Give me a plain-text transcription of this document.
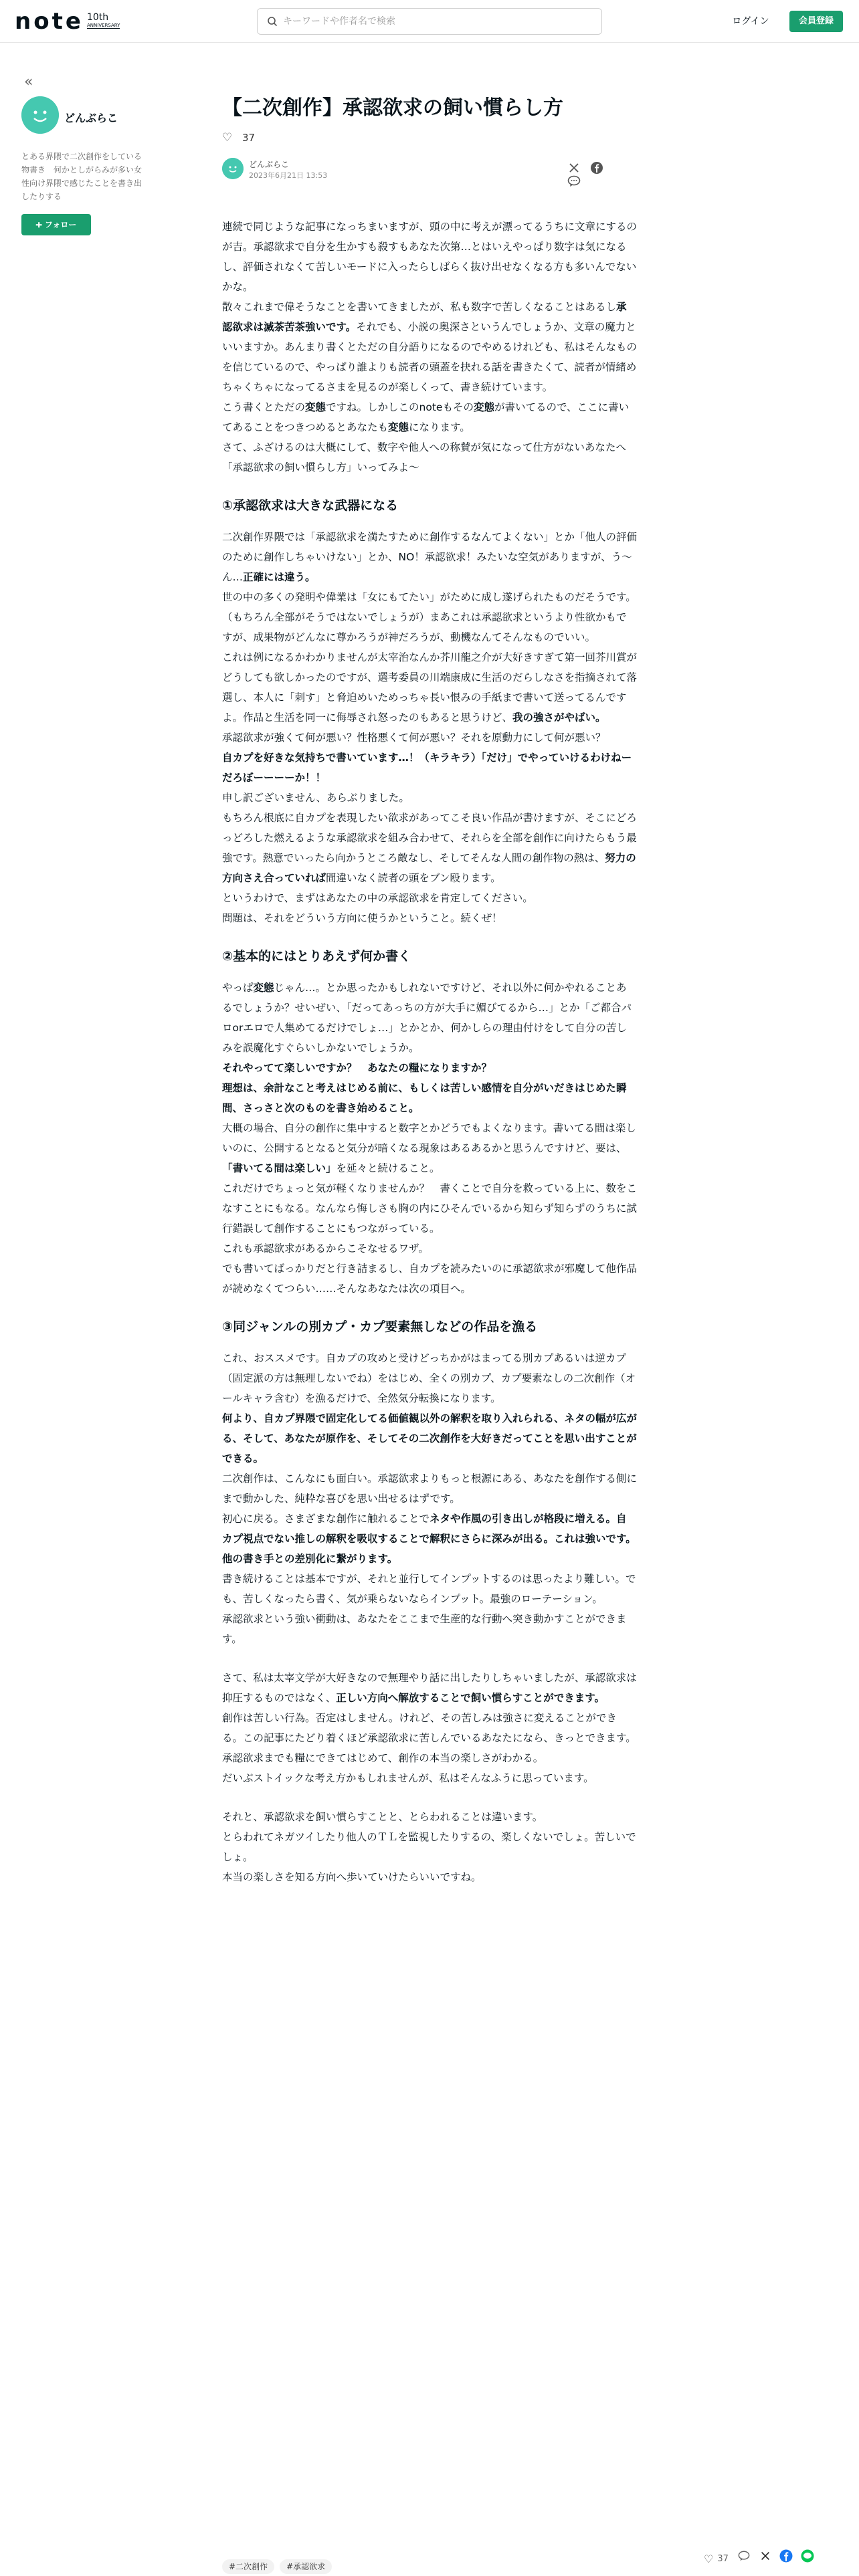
note 10th
ANNIVERSARY
キーワードや作者名で検索	ログイン	会員登録
«
どんぶらこ
とある界隈で二次創作をしている物書き　何かとしがらみが多い女性向け界隈で感じたことを書き出したりする
➕︎ フォロー
【二次創作】承認欲求の飼い慣らし方
♡ 37
どんぶらこ
2023年6月21日 13:53

連続で同じような記事になっちまいますが、頭の中に考えが漂ってるうちに文章にするのが吉。承認欲求で自分を生かすも殺すもあなた次第…とはいえやっぱり数字は気になるし、評価されなくて苦しいモードに入ったらしばらく抜け出せなくなる方も多いんでないかな。

散々これまで偉そうなことを書いてきましたが、私も数字で苦しくなることはあるし承認欲求は滅茶苦茶強いです。それでも、小説の奥深さというんでしょうか、文章の魔力といいますか。あんまり書くとただの自分語りになるのでやめるけれども、私はそんなものを信じているので、やっぱり誰よりも読者の頭蓋を抉れる話を書きたくて、読者が情緒めちゃくちゃになってるさまを見るのが楽しくって、書き続けています。

こう書くとただの変態ですね。しかしこのnoteもその変態が書いてるので、ここに書いてあることをつきつめるとあなたも変態になります。

さて、ふざけるのは大概にして、数字や他人への称賛が気になって仕方がないあなたへ「承認欲求の飼い慣らし方」いってみよ〜

①承認欲求は大きな武器になる

二次創作界隈では「承認欲求を満たすために創作するなんてよくない」とか「他人の評価のために創作しちゃいけない」とか、NO！承認欲求！みたいな空気がありますが、う〜ん…正確には違う。

世の中の多くの発明や偉業は「女にもてたい」がために成し遂げられたものだそうです。（もちろん全部がそうではないでしょうが）まあこれは承認欲求というより性欲かもですが、成果物がどんなに尊かろうが神だろうが、動機なんてそんなものでいい。

これは例になるかわかりませんが太宰治なんか芥川龍之介が大好きすぎて第一回芥川賞がどうしても欲しかったのですが、選考委員の川端康成に生活のだらしなさを指摘されて落選し、本人に「刺す」と脅迫めいためっちゃ長い恨みの手紙まで書いて送ってるんですよ。作品と生活を同一に侮辱され怒ったのもあると思うけど、我の強さがやばい。

承認欲求が強くて何が悪い？性格悪くて何が悪い？それを原動力にして何が悪い？

自カプを好きな気持ちで書いています…！（キラキラ）「だけ」でやっていけるわけねーだろぼーーーーか！！

申し訳ございません、あらぶりました。

もちろん根底に自カプを表現したい欲求があってこそ良い作品が書けますが、そこにどろっどろした燃えるような承認欲求を組み合わせて、それらを全部を創作に向けたらもう最強です。熱意でいったら向かうところ敵なし、そしてそんな人間の創作物の熱は、努力の方向さえ合っていれば間違いなく読者の頭をブン殴ります。

というわけで、まずはあなたの中の承認欲求を肯定してください。

問題は、それをどういう方向に使うかということ。続くぜ！

②基本的にはとりあえず何か書く

やっぱ変態じゃん…。とか思ったかもしれないですけど、それ以外に何かやれることあるでしょうか？せいぜい、「だってあっちの方が大手に媚びてるから…」とか「ご都合パロorエロで人集めてるだけでしょ…」とかとか、何かしらの理由付けをして自分の苦しみを誤魔化すぐらいしかないでしょうか。

それやってて楽しいですか？　あなたの糧になりますか？

理想は、余計なこと考えはじめる前に、もしくは苦しい感情を自分がいだきはじめた瞬間、さっさと次のものを書き始めること。

大概の場合、自分の創作に集中すると数字とかどうでもよくなります。書いてる間は楽しいのに、公開するとなると気分が暗くなる現象はあるあるかと思うんですけど、要は、「書いてる間は楽しい」を延々と続けること。

これだけでちょっと気が軽くなりませんか？　書くことで自分を救っている上に、数をこなすことにもなる。なんなら悔しさも胸の内にひそんでいるから知らず知らずのうちに試行錯誤して創作することにもつながっている。

これも承認欲求があるからこそなせるワザ。

でも書いてばっかりだと行き詰まるし、自カプを読みたいのに承認欲求が邪魔して他作品が読めなくてつらい……そんなあなたは次の項目へ。

③同ジャンルの別カプ・カプ要素無しなどの作品を漁る

これ、おススメです。自カプの攻めと受けどっちかがはまってる別カプあるいは逆カプ（固定派の方は無理しないでね）をはじめ、全くの別カプ、カプ要素なしの二次創作（オールキャラ含む）を漁るだけで、全然気分転換になります。

何より、自カプ界隈で固定化してる価値観以外の解釈を取り入れられる、ネタの幅が広がる、そして、あなたが原作を、そしてその二次創作を大好きだってことを思い出すことができる。

二次創作は、こんなにも面白い。承認欲求よりもっと根源にある、あなたを創作する側にまで動かした、純粋な喜びを思い出せるはずです。

初心に戻る。さまざまな創作に触れることでネタや作風の引き出しが格段に増える。自カプ視点でない推しの解釈を吸収することで解釈にさらに深みが出る。これは強いです。他の書き手との差別化に繋がります。

書き続けることは基本ですが、それと並行してインプットするのは思ったより難しい。でも、苦しくなったら書く、気が乗らないならインプット。最強のローテーション。

承認欲求という強い衝動は、あなたをここまで生産的な行動へ突き動かすことができます。

さて、私は太宰文学が大好きなので無理やり話に出したりしちゃいましたが、承認欲求は抑圧するものではなく、正しい方向へ解放することで飼い慣らすことができます。

創作は苦しい行為。否定はしません。けれど、その苦しみは強さに変えることができる。この記事にたどり着くほど承認欲求に苦しんでいるあなたになら、きっとできます。

承認欲求までも糧にできてはじめて、創作の本当の楽しさがわかる。

だいぶストイックな考え方かもしれませんが、私はそんなふうに思っています。

それと、承認欲求を飼い慣らすことと、とらわれることは違います。

とらわれてネガツイしたり他人のＴＬを監視したりするの、楽しくないでしょ。苦しいでしょ。

本当の楽しさを知る方向へ歩いていけたらいいですね。

#二次創作 #承認欲求
♡ 37
